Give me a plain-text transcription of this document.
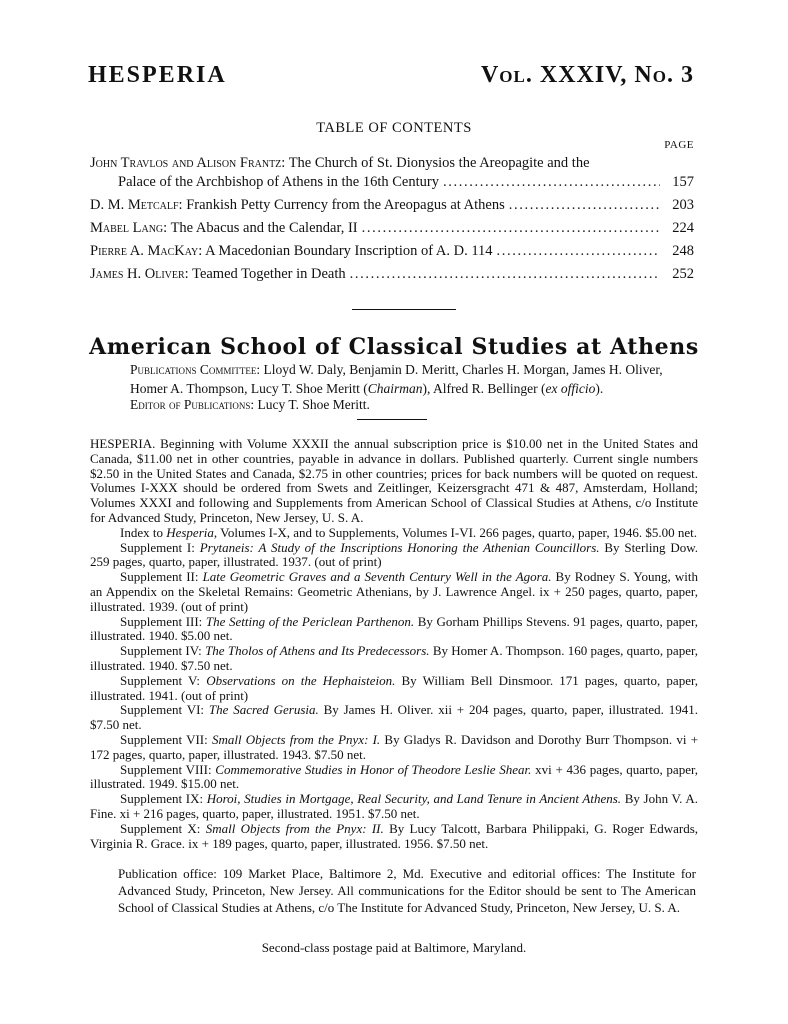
HESPERIA	Vol. XXXIV, No. 3
TABLE OF CONTENTS
PAGE
John Travlos and Alison Frantz: The Church of St. Dionysios the Areopagite and the
Palace of the Archbishop of Athens in the 16th Century . . .	157
D. M. Metcalf: Frankish Petty Currency from the Areopagus at Athens . . .	203
Mabel Lang: The Abacus and the Calendar, II . . .	224
Pierre A. MacKay: A Macedonian Boundary Inscription of A. D. 114 . . .	248
James H. Oliver: Teamed Together in Death . . .	252
American School of Classical Studies at Athens
Publications Committee: Lloyd W. Daly, Benjamin D. Meritt, Charles H. Morgan, James H. Oliver, Homer A. Thompson, Lucy T. Shoe Meritt (Chairman), Alfred R. Bellinger (ex officio).
Editor of Publications: Lucy T. Shoe Meritt.

HESPERIA. Beginning with Volume XXXII the annual subscription price is $10.00 net in the United States and Canada, $11.00 net in other countries, payable in advance in dollars. Published quarterly. Current single numbers $2.50 in the United States and Canada, $2.75 in other countries; prices for back numbers will be quoted on request. Volumes I-XXX should be ordered from Swets and Zeitlinger, Keizersgracht 471 & 487, Amsterdam, Holland; Volumes XXXI and following and Supplements from American School of Classical Studies at Athens, c/o Institute for Advanced Study, Princeton, New Jersey, U. S. A.

Index to Hesperia, Volumes I-X, and to Supplements, Volumes I-VI. 266 pages, quarto, paper, 1946. $5.00 net.

Supplement I: Prytaneis: A Study of the Inscriptions Honoring the Athenian Councillors. By Sterling Dow. 259 pages, quarto, paper, illustrated. 1937. (out of print)

Supplement II: Late Geometric Graves and a Seventh Century Well in the Agora. By Rodney S. Young, with an Appendix on the Skeletal Remains: Geometric Athenians, by J. Lawrence Angel. ix + 250 pages, quarto, paper, illustrated. 1939. (out of print)

Supplement III: The Setting of the Periclean Parthenon. By Gorham Phillips Stevens. 91 pages, quarto, paper, illustrated. 1940. $5.00 net.

Supplement IV: The Tholos of Athens and Its Predecessors. By Homer A. Thompson. 160 pages, quarto, paper, illustrated. 1940. $7.50 net.

Supplement V: Observations on the Hephaisteion. By William Bell Dinsmoor. 171 pages, quarto, paper, illustrated. 1941. (out of print)

Supplement VI: The Sacred Gerusia. By James H. Oliver. xii + 204 pages, quarto, paper, illustrated. 1941. $7.50 net.

Supplement VII: Small Objects from the Pnyx: I. By Gladys R. Davidson and Dorothy Burr Thompson. vi + 172 pages, quarto, paper, illustrated. 1943. $7.50 net.

Supplement VIII: Commemorative Studies in Honor of Theodore Leslie Shear. xvi + 436 pages, quarto, paper, illustrated. 1949. $15.00 net.

Supplement IX: Horoi, Studies in Mortgage, Real Security, and Land Tenure in Ancient Athens. By John V. A. Fine. xi + 216 pages, quarto, paper, illustrated. 1951. $7.50 net.

Supplement X: Small Objects from the Pnyx: II. By Lucy Talcott, Barbara Philippaki, G. Roger Edwards, Virginia R. Grace. ix + 189 pages, quarto, paper, illustrated. 1956. $7.50 net.

Publication office: 109 Market Place, Baltimore 2, Md. Executive and editorial offices: The Institute for Advanced Study, Princeton, New Jersey. All communications for the Editor should be sent to The American School of Classical Studies at Athens, c/o The Institute for Advanced Study, Princeton, New Jersey, U. S. A.
Second-class postage paid at Baltimore, Maryland.
